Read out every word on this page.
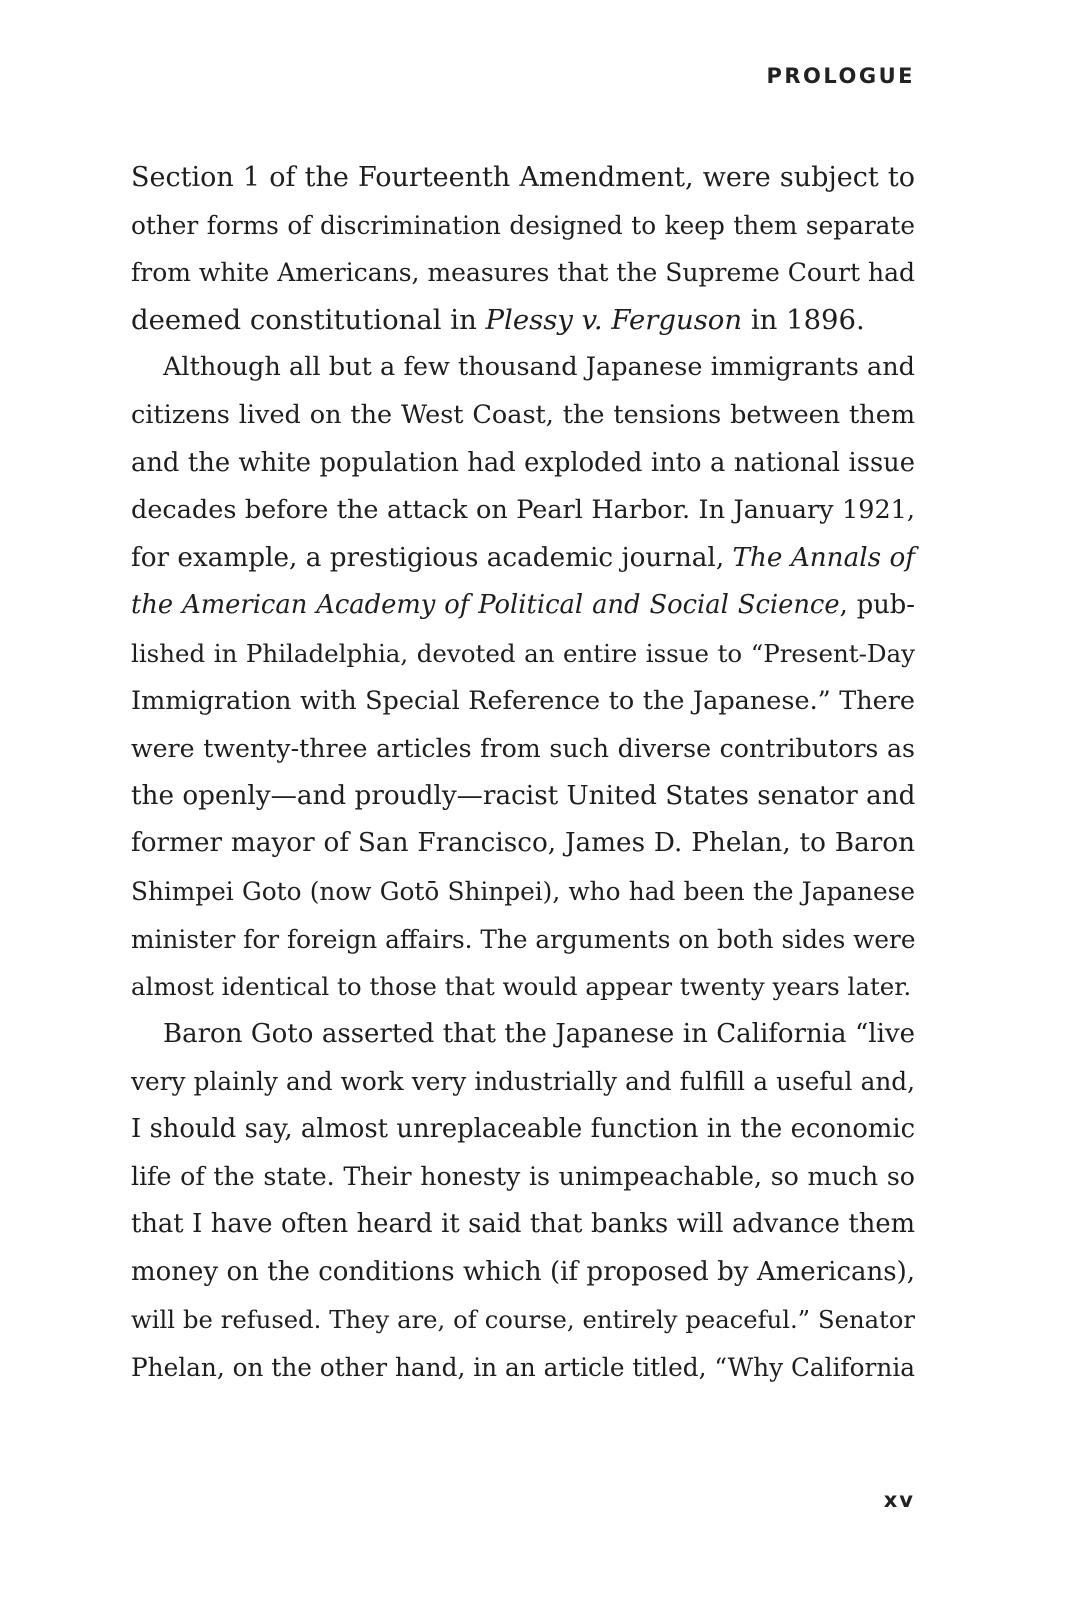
PROLOGUE
Section 1 of the Fourteenth Amendment, were subject to
other forms of discrimination designed to keep them separate
from white Americans, measures that the Supreme Court had
deemed constitutional in Plessy v. Ferguson in 1896.
Although all but a few thousand Japanese immigrants and
citizens lived on the West Coast, the tensions between them
and the white population had exploded into a national issue
decades before the attack on Pearl Harbor. In January 1921,
for example, a prestigious academic journal, The Annals of
the American Academy of Political and Social Science, pub-
lished in Philadelphia, devoted an entire issue to “Present-Day
Immigration with Special Reference to the Japanese.” There
were twenty-three articles from such diverse contributors as
the openly—and proudly—racist United States senator and
former mayor of San Francisco, James D. Phelan, to Baron
Shimpei Goto (now Gotō Shinpei), who had been the Japanese
minister for foreign affairs. The arguments on both sides were
almost identical to those that would appear twenty years later.
Baron Goto asserted that the Japanese in California “live
very plainly and work very industrially and fulfill a useful and,
I should say, almost unreplaceable function in the economic
life of the state. Their honesty is unimpeachable, so much so
that I have often heard it said that banks will advance them
money on the conditions which (if proposed by Americans),
will be refused. They are, of course, entirely peaceful.” Senator
Phelan, on the other hand, in an article titled, “Why California
xv
